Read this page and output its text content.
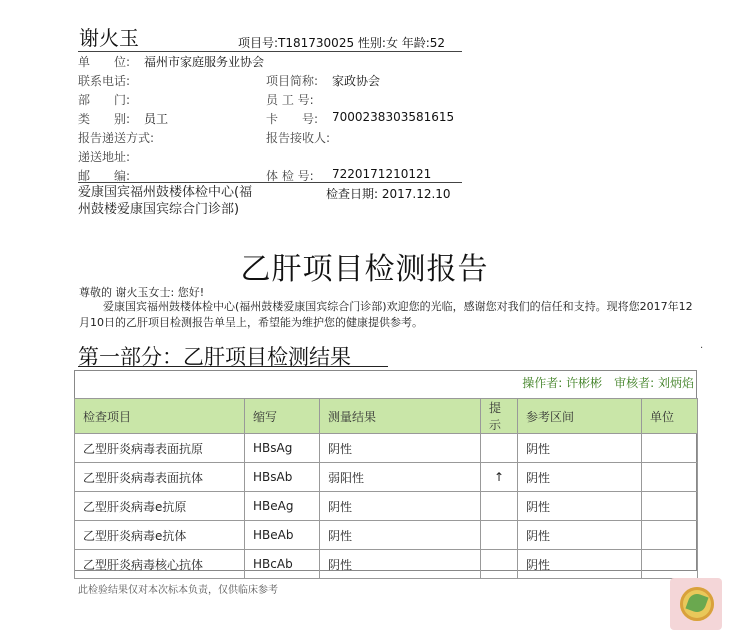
谢火玉	项目号:T181730025 性别:女 年龄:52
单　　位: 福州市家庭服务业协会
联系电话:
部　　门:
类　　别: 员工
报告递送方式:
递送地址:
邮　　编:
项目简称: 家政协会
员 工 号:
卡　　号: 7000238303581615
报告接收人:
体 检 号: 7220171210121
爱康国宾福州鼓楼体检中心(福州鼓楼爱康国宾综合门诊部)
检查日期: 2017.12.10
乙肝项目检测报告
尊敬的 谢火玉女士: 您好!
爱康国宾福州鼓楼体检中心(福州鼓楼爱康国宾综合门诊部)欢迎您的光临，感谢您对我们的信任和支持。现将您2017年12月10日的乙肝项目检测报告单呈上，希望能为维护您的健康提供参考。
第一部分：乙肝项目检测结果	.
操作者: 许彬彬　审核者: 刘炳焰
检查项目	缩写	测量结果	提示	参考区间	单位
乙型肝炎病毒表面抗原	HBsAg	阴性		阴性	
乙型肝炎病毒表面抗体	HBsAb	弱阳性	↑	阴性	
乙型肝炎病毒e抗原	HBeAg	阴性		阴性	
乙型肝炎病毒e抗体	HBeAb	阴性		阴性	
乙型肝炎病毒核心抗体	HBcAb	阴性		阴性	
此检验结果仅对本次标本负责，仅供临床参考
